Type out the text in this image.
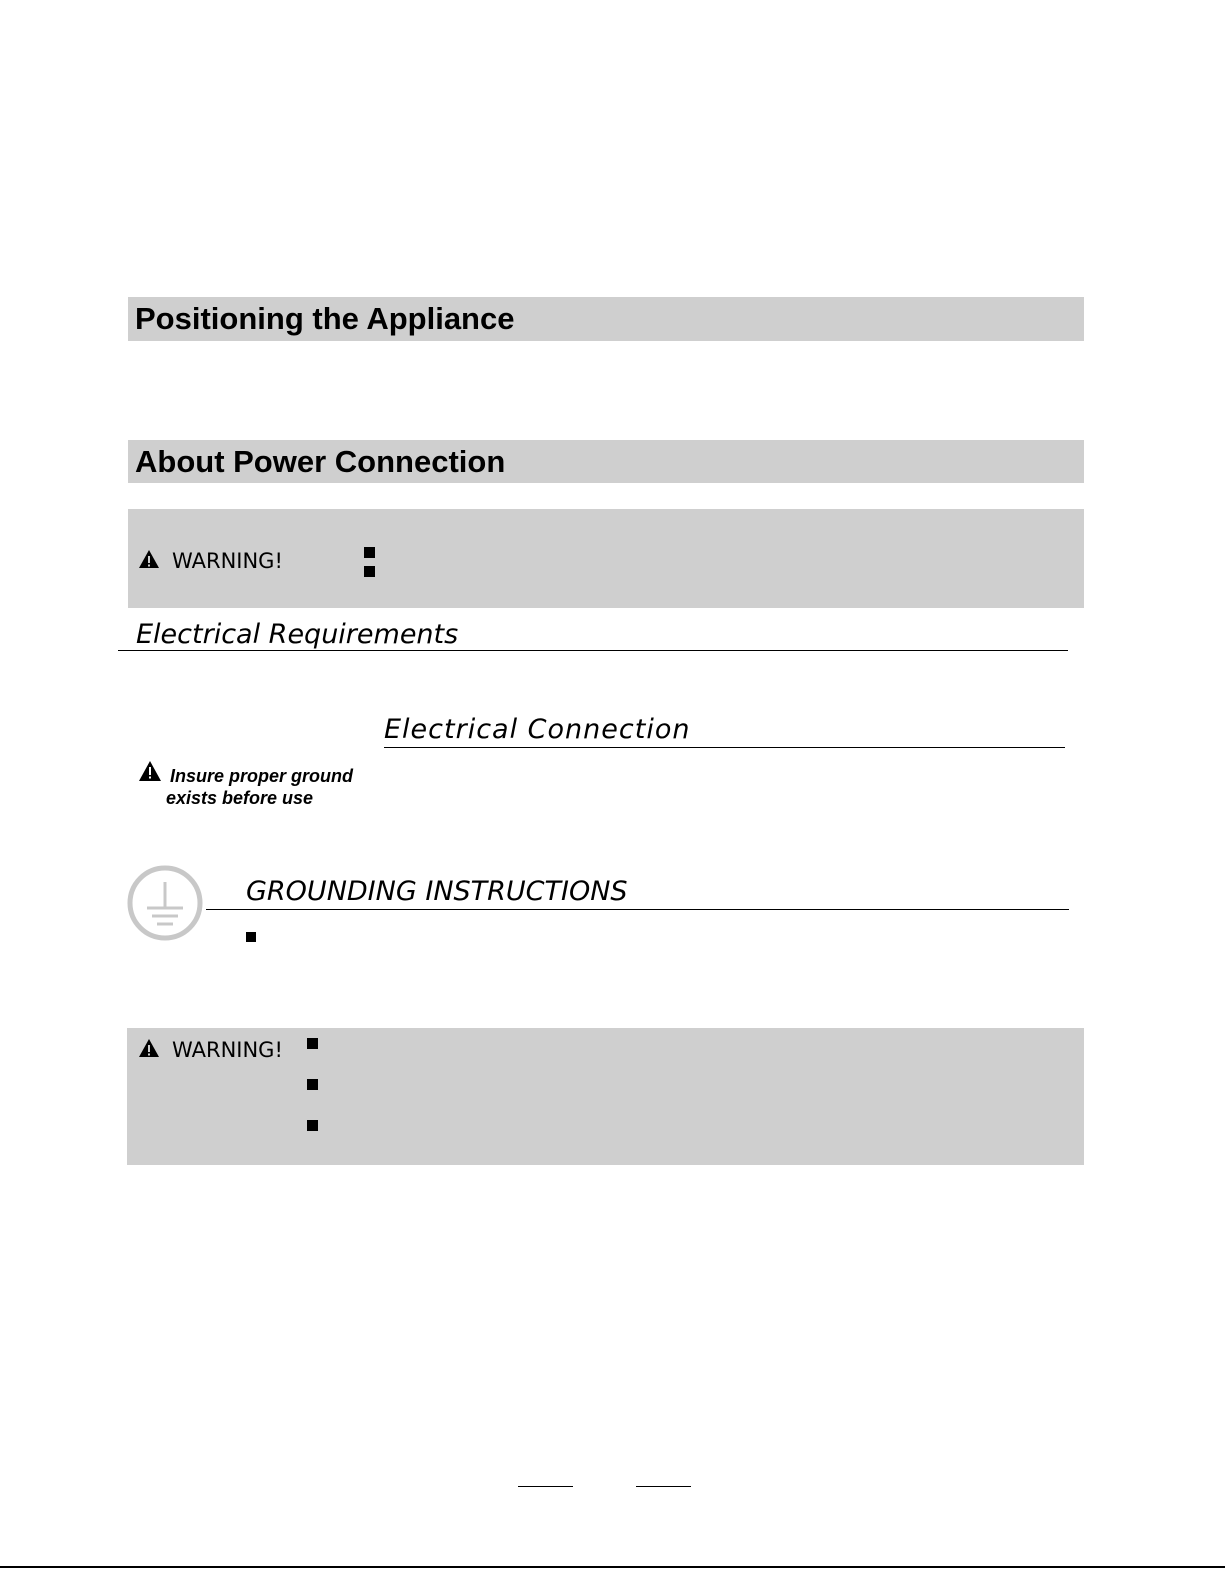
Positioning the Appliance
About Power Connection
WARNING!
Electrical Requirements
Electrical Connection
Insure proper ground
exists before use
GROUNDING INSTRUCTIONS
WARNING!
